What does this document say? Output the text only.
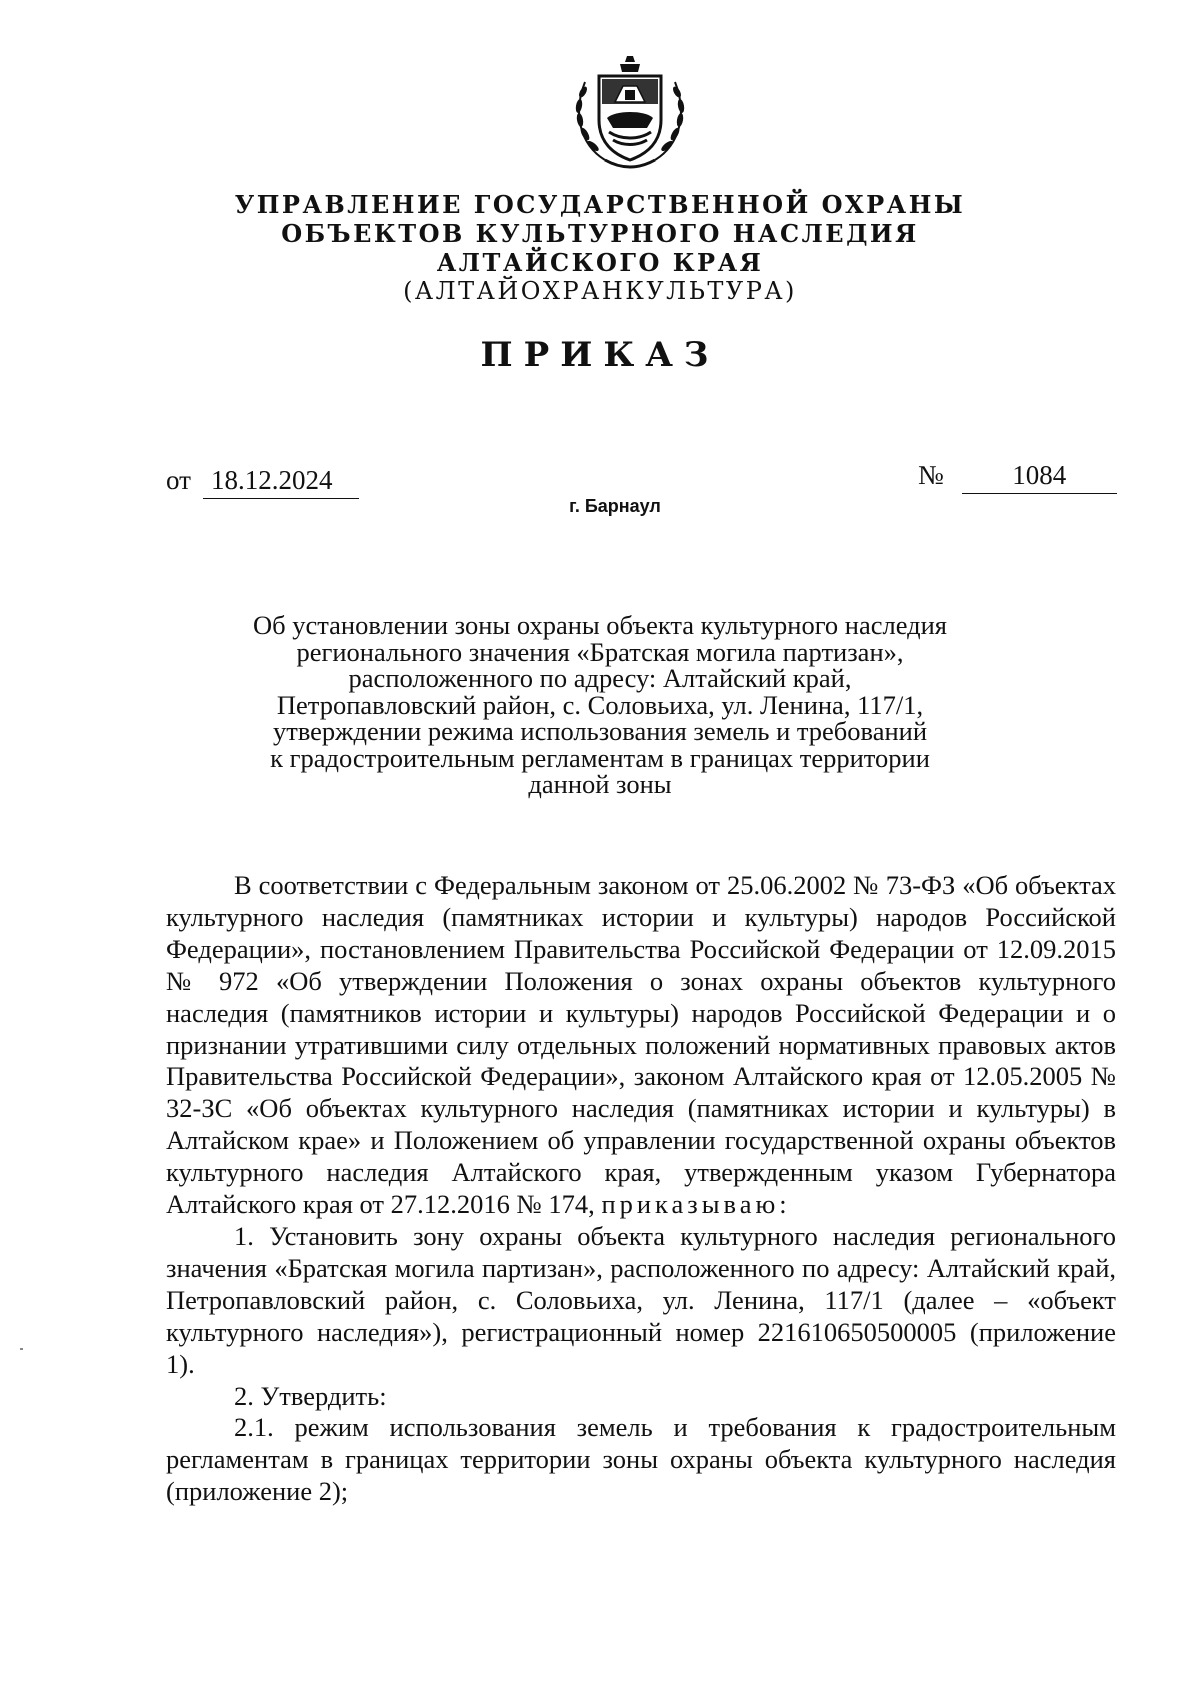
УПРАВЛЕНИЕ ГОСУДАРСТВЕННОЙ ОХРАНЫ
ОБЪЕКТОВ КУЛЬТУРНОГО НАСЛЕДИЯ
АЛТАЙСКОГО КРАЯ
(АЛТАЙОХРАНКУЛЬТУРА)
ПРИКАЗ
от 18.12.2024	№	1084
г. Барнаул
Об установлении зоны охраны объекта культурного наследия
регионального значения «Братская могила партизан»,
расположенного по адресу: Алтайский край,
Петропавловский район, с. Соловьиха, ул. Ленина, 117/1,
утверждении режима использования земель и требований
к градостроительным регламентам в границах территории
данной зоны

В соответствии с Федеральным законом от 25.06.2002 № 73-ФЗ «Об объектах культурного наследия (памятниках истории и культуры) народов Российской Федерации», постановлением Правительства Российской Федерации от 12.09.2015 № 972 «Об утверждении Положения о зонах охраны объектов культурного наследия (памятников истории и культуры) народов Российской Федерации и о признании утратившими силу отдельных положений нормативных правовых актов Правительства Российской Федерации», законом Алтайского края от 12.05.2005 № 32-ЗС «Об объектах культурного наследия (памятниках истории и культуры) в Алтайском крае» и Положением об управлении государственной охраны объектов культурного наследия Алтайского края, утвержденным указом Губернатора Алтайского края от 27.12.2016 № 174, приказываю:

1. Установить зону охраны объекта культурного наследия регионального значения «Братская могила партизан», расположенного по адресу: Алтайский край, Петропавловский район, с. Соловьиха, ул. Ленина, 117/1 (далее – «объект культурного наследия»), регистрационный номер 221610650500005 (приложение 1).

2. Утвердить:

2.1. режим использования земель и требования к градостроительным регламентам в границах территории зоны охраны объекта культурного наследия (приложение 2);
